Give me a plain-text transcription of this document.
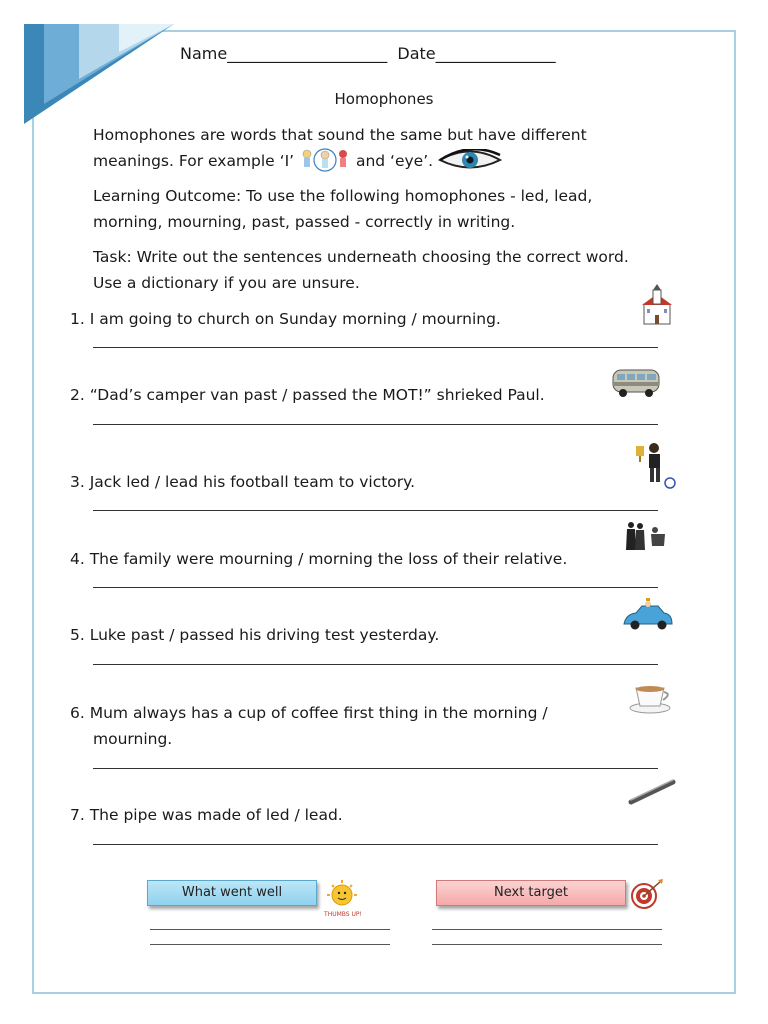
Name____________________  Date_______________
Homophones
Homophones are words that sound the same but have different meanings. For example ‘I’	and ‘eye’.
Learning Outcome: To use the following homophones - led, lead, morning, mourning, past, passed - correctly in writing.
Task: Write out the sentences underneath choosing the correct word. Use a dictionary if you are unsure.
1. I am going to church on Sunday morning / mourning.
2. “Dad’s camper van past / passed the MOT!” shrieked Paul.
3. Jack led / lead his football team to victory.
4. The family were mourning / morning the loss of their relative.
5. Luke past / passed his driving test yesterday.
6. Mum always has a cup of coffee first thing in the morning /
mourning.
7. The pipe was made of led / lead.
What went well
THUMBS UP!
Next target
